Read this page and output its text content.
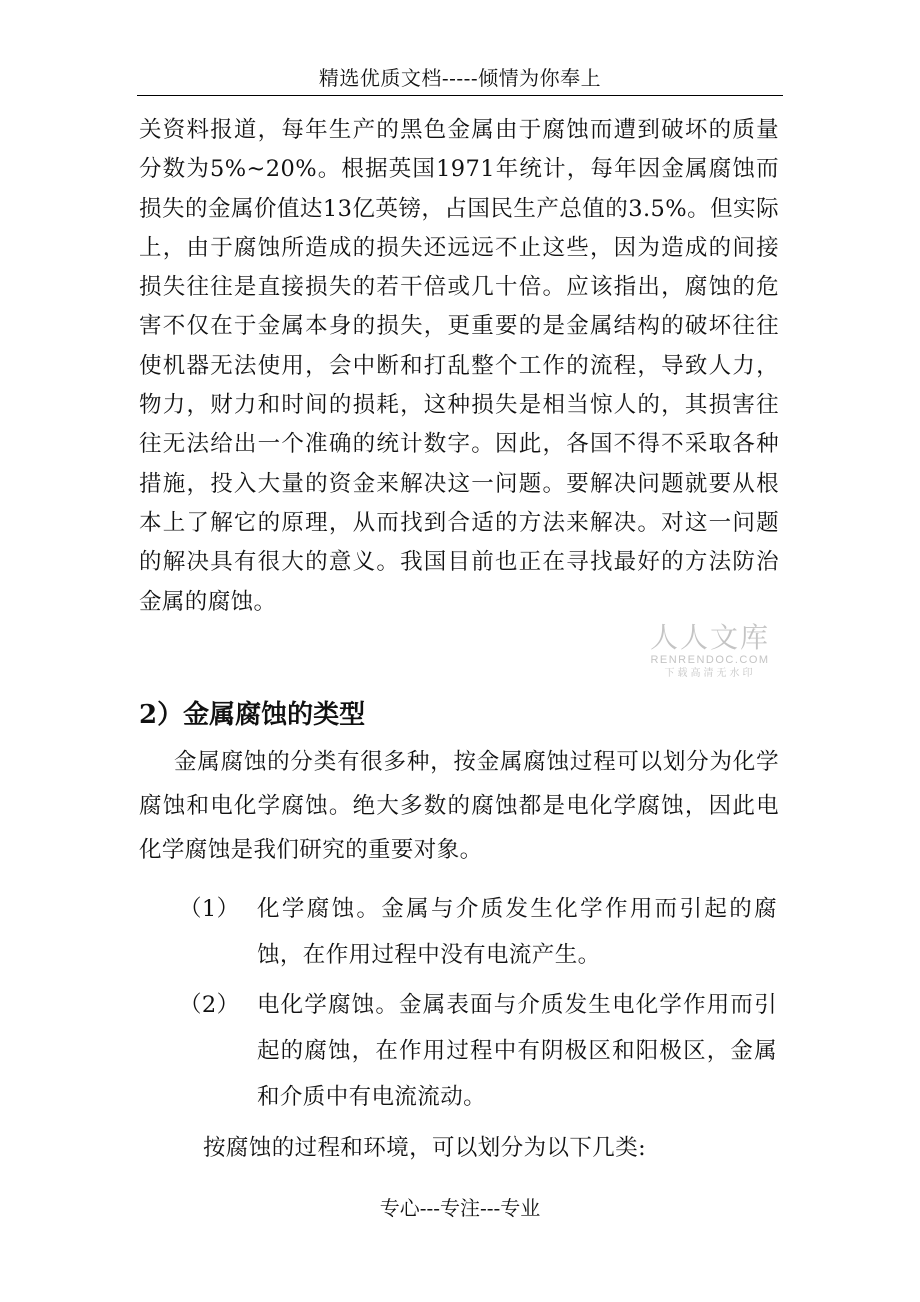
精选优质文档-----倾情为你奉上

关资料报道，每年生产的黑色金属由于腐蚀而遭到破坏的质量分数为5%~20%。根据英国1971年统计，每年因金属腐蚀而损失的金属价值达13亿英镑，占国民生产总值的3.5%。但实际上，由于腐蚀所造成的损失还远远不止这些，因为造成的间接损失往往是直接损失的若干倍或几十倍。应该指出，腐蚀的危害不仅在于金属本身的损失，更重要的是金属结构的破坏往往使机器无法使用，会中断和打乱整个工作的流程，导致人力，物力，财力和时间的损耗，这种损失是相当惊人的，其损害往往无法给出一个准确的统计数字。因此，各国不得不采取各种措施，投入大量的资金来解决这一问题。要解决问题就要从根本上了解它的原理，从而找到合适的方法来解决。对这一问题的解决具有很大的意义。我国目前也正在寻找最好的方法防治金属的腐蚀。

人人文库
RENRENDOC.COM
下载高清无水印
2）金属腐蚀的类型

金属腐蚀的分类有很多种，按金属腐蚀过程可以划分为化学腐蚀和电化学腐蚀。绝大多数的腐蚀都是电化学腐蚀，因此电化学腐蚀是我们研究的重要对象。

（1） 化学腐蚀。金属与介质发生化学作用而引起的腐蚀，在作用过程中没有电流产生。
（2） 电化学腐蚀。金属表面与介质发生电化学作用而引起的腐蚀，在作用过程中有阴极区和阳极区，金属和介质中有电流流动。

按腐蚀的过程和环境，可以划分为以下几类:

专心---专注---专业
